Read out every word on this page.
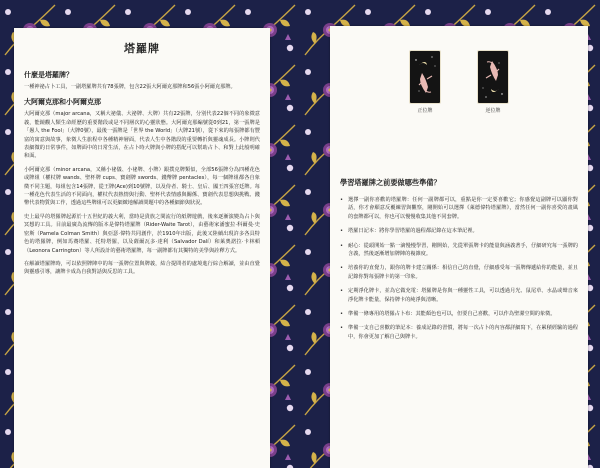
塔羅牌
什麼是塔羅牌？
一種神祕占卜工具，一副塔羅牌共有78張牌，包含22張大阿爾克那牌和56張小阿爾克那牌。
大阿爾克那和小阿爾克那
大阿爾克那（major arcana，又稱大祕儀、大祕牌、大牌）共有22張牌，分別代表22個不同的象徵意義，能鏡觀人類生命經歷的重要階段或是不同層次的心靈狀態。大阿爾克那編號從0到21，第一張牌是「愚人 the Fool」（大牌0號），最後一張牌是「世界 the World」（大牌21號），從下來的每張牌都有豐富的寓意與故事，象徵人生旅程中各種精神層面，代表人生中各階段的重要轉折與靈魂成長。小牌則代表細微的日常事件，如牌面中的日常生活，在占卜時大牌與小牌的搭配可以幫助占卜、和對上此般明確和面。
小阿爾克那（minor arcana，又稱小祕儀、小祕牌、小牌）跟撲克牌類似，全部56張牌分為四種花色或牌組（權杖牌 wands、聖杯牌 cups、寶劍牌 swords、錢幣牌 pentacles），每一個牌組都各自象徵不同主題，每組包含14張牌，從王牌(Ace)到10號牌，以及侍者、騎士、皇后、國王四張宮廷牌。每一種花色代表生活的不同面向，權杖代表熱情與行動、聖杯代表情感與關係、寶劍代表思想與挑戰、錢幣代表物質與工作，透過這些牌組可以更細緻地解讀問題中的各種細節與狀況。
史上最早的塔羅牌起源於十五世紀的義大利，當時是貴族之間流行的紙牌遊戲，後來逐漸演變為占卜與冥想的工具。目前最廣為流傳的版本是偉特塔羅牌（Rider-Waite Tarot），由藝術家潘蜜拉·科爾曼·史密斯（Pamela Colman Smith）與亞瑟·偉特共同創作，於1910年出版，此後又陸續出現許多各具特色的塔羅牌，例如馬賽塔羅、托特塔羅，以及薩爾瓦多·達利（Salvador Dalí）和萊奧諾拉·卡林頓（Leonora Carrington）等人所設計的藝術塔羅牌，每一副牌都有其獨特的美學與詮釋方式。
在解讀塔羅牌時，可以依照牌陣中的每一張牌位置與牌義，結合提問者的處境進行綜合解讀，並由直覺與靈感引導，讓牌卡成為自我對話與反思的工具。
正位牌	逆位牌
學習塔羅牌之前要做哪些準備？
• 選擇一副你喜歡的塔羅牌：任何一副牌都可以，重點是你一定要喜歡它；你感覺這副牌可以顯你對話，你才會願意反覆練習與觀察，剛開始可以選擇《萊德偉特塔羅牌》，當然任何一副你喜愛的畫風的套牌都可以，你也可以慢慢收集其他不同套牌。
• 塔羅日記本：將你學習塔羅的過程都記錄在這本筆記裡。
• 耐心：從頭開始一點一滴慢慢學習，剛開始，先從單張牌卡的能量與涵義著手，仔細研究每一張牌的含義，然後逐漸增加牌陣的複雜度。
• 培養你的直覺力，跟你的牌卡建立關係：相信自己的直覺，仔細感受每一張牌傳遞給你的能量，並且記錄你對每張牌卡的第一印象。
• 定期淨化牌卡，並為它做充電：塔羅牌是你與一種靈性工具，可以透過月光、鼠尾草、水晶或聲音來淨化牌卡能量，保持牌卡的純淨與清晰。
• 準備一條專用的塔羅占卜布：其能顏色也可以，但要自己喜歡，可以作為聖潔空間的象徵。
• 準備一支自己喜歡的筆記本：養成記錄的習慣，將每一次占卜的內容都詳細寫下，在累積經驗的過程中，你會更加了解自己與牌卡。
